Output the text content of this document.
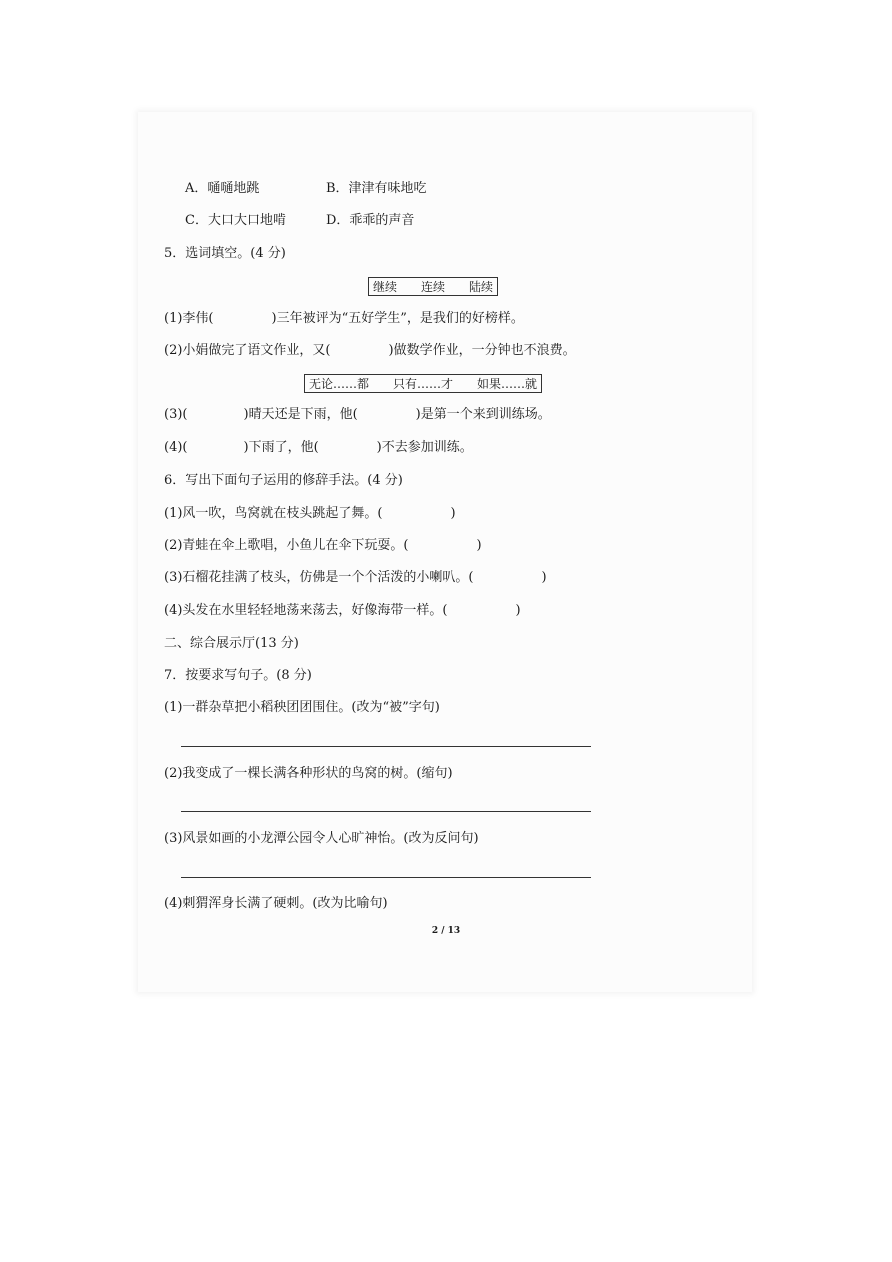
A．嗵嗵地跳	B．津津有味地吃
C．大口大口地啃	D．乖乖的声音
5．选词填空。(4 分)
继续　　连续　　陆续
(1)李伟(	)三年被评为“五好学生”，是我们的好榜样。
(2)小娟做完了语文作业，又(	)做数学作业，一分钟也不浪费。
无论……都　　只有……才　　如果……就
(3)(	)晴天还是下雨，他(	)是第一个来到训练场。
(4)(	)下雨了，他(	)不去参加训练。
6．写出下面句子运用的修辞手法。(4 分)
(1)风一吹，鸟窝就在枝头跳起了舞。(	)
(2)青蛙在伞上歌唱，小鱼儿在伞下玩耍。(	)
(3)石榴花挂满了枝头，仿佛是一个个活泼的小喇叭。(	)
(4)头发在水里轻轻地荡来荡去，好像海带一样。(	)
二、综合展示厅(13 分)
7．按要求写句子。(8 分)
(1)一群杂草把小稻秧团团围住。(改为“被”字句)
(2)我变成了一棵长满各种形状的鸟窝的树。(缩句)
(3)风景如画的小龙潭公园令人心旷神怡。(改为反问句)
(4)刺猬浑身长满了硬刺。(改为比喻句)
2 / 13
